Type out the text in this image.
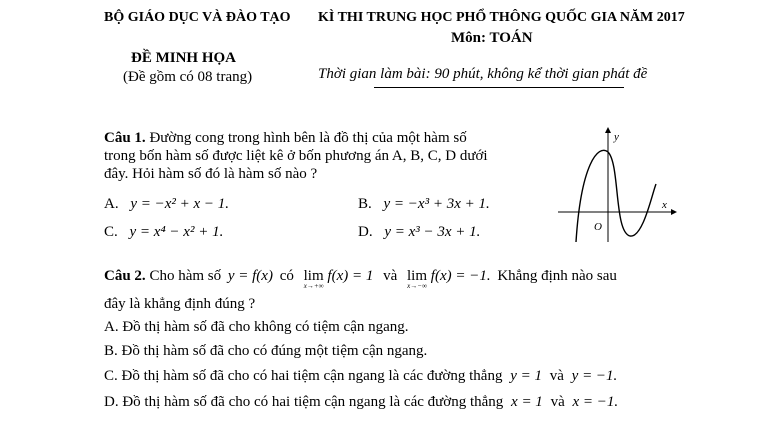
BỘ GIÁO DỤC VÀ ĐÀO TẠO KÌ THI TRUNG HỌC PHỔ THÔNG QUỐC GIA NĂM 2017
Môn: TOÁN
ĐỀ MINH HỌA
(Đề gồm có 08 trang)	Thời gian làm bài: 90 phút, không kể thời gian phát đề
Câu 1. Đường cong trong hình bên là đồ thị của một hàm số
trong bốn hàm số được liệt kê ở bốn phương án A, B, C, D dưới
đây. Hỏi hàm số đó là hàm số nào ?
A. y = −x² + x − 1.	B. y = −x³ + 3x + 1.
C. y = x⁴ − x² + 1.	D. y = x³ − 3x + 1.
y
x
O
Câu 2. Cho hàm số y = f(x) có lim
x→+∞
f(x) = 1 và lim
x→−∞
f(x) = −1. Khẳng định nào sau
đây là khẳng định đúng ?
A. Đồ thị hàm số đã cho không có tiệm cận ngang.
B. Đồ thị hàm số đã cho có đúng một tiệm cận ngang.
C. Đồ thị hàm số đã cho có hai tiệm cận ngang là các đường thẳng y = 1 và y = −1.
D. Đồ thị hàm số đã cho có hai tiệm cận ngang là các đường thẳng x = 1 và x = −1.
